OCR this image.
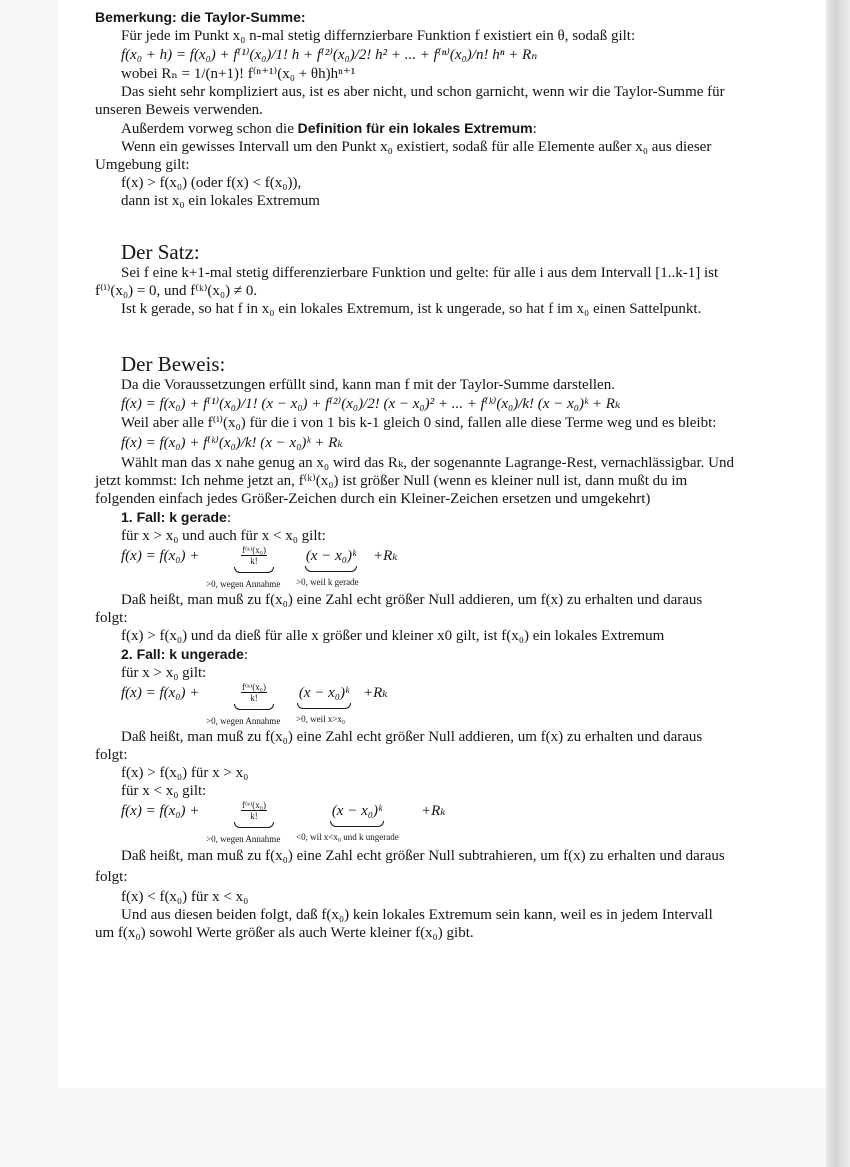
Bemerkung: die Taylor-Summe:

Für jede im Punkt x₀ n-mal stetig differnzierbare Funktion f existiert ein θ, sodaß gilt:

f(x₀ + h) = f(x₀) + f⁽¹⁾(x₀)/1! h + f⁽²⁾(x₀)/2! h² + ... + f⁽ⁿ⁾(x₀)/n! hⁿ + Rₙ

wobei Rₙ = 1/(n+1)! f⁽ⁿ⁺¹⁾(x₀ + θh)hⁿ⁺¹

Das sieht sehr kompliziert aus, ist es aber nicht, und schon garnicht, wenn wir die Taylor-Summe für unseren Beweis verwenden.

Außerdem vorweg schon die Definition für ein lokales Extremum:

Wenn ein gewisses Intervall um den Punkt x₀ existiert, sodaß für alle Elemente außer x₀ aus dieser Umgebung gilt:

f(x) > f(x₀) (oder f(x) < f(x₀)),

dann ist x₀ ein lokales Extremum

Der Satz:

Sei f eine k+1-mal stetig differenzierbare Funktion und gelte: für alle i aus dem Intervall [1..k-1] ist f⁽ⁱ⁾(x₀) = 0, und f⁽ᵏ⁾(x₀) ≠ 0.

Ist k gerade, so hat f in x₀ ein lokales Extremum, ist k ungerade, so hat f im x₀ einen Sattelpunkt.

Der Beweis:

Da die Voraussetzungen erfüllt sind, kann man f mit der Taylor-Summe darstellen.

f(x) = f(x₀) + f⁽¹⁾(x₀)/1! (x − x₀) + f⁽²⁾(x₀)/2! (x − x₀)² + ... + f⁽ᵏ⁾(x₀)/k! (x − x₀)ᵏ + Rₖ

Weil aber alle f⁽ⁱ⁾(x₀) für die i von 1 bis k-1 gleich 0 sind, fallen alle diese Terme weg und es bleibt:

f(x) = f(x₀) + f⁽ᵏ⁾(x₀)/k! (x − x₀)ᵏ + Rₖ

Wählt man das x nahe genug an x₀ wird das Rₖ, der sogenannte Lagrange-Rest, vernachlässigbar. Und jetzt kommst: Ich nehme jetzt an, f⁽ᵏ⁾(x₀) ist größer Null (wenn es kleiner null ist, dann mußt du im folgenden einfach jedes Größer-Zeichen durch ein Kleiner-Zeichen ersetzen und umgekehrt)

1. Fall: k gerade:

für x > x₀ und auch für x < x₀ gilt:

f(x) = f(x₀) +	$\frac{\text{f⁽ᵏ⁾(x₀)}}{k!}$	(x − x₀)ᵏ +Rₖ
>0, wegen Annahme >0, weil k gerade

Daß heißt, man muß zu f(x₀) eine Zahl echt größer Null addieren, um f(x) zu erhalten und daraus folgt:

f(x) > f(x₀) und da dieß für alle x größer und kleiner x0 gilt, ist f(x₀) ein lokales Extremum

2. Fall: k ungerade:

für x > x₀ gilt:

f(x) = f(x₀) +	$\frac{\text{f⁽ᵏ⁾(x₀)}}{k!} (x$ − x₀)ᵏ +Rₖ
>0, wegen Annahme >0, weil x>x₀

Daß heißt, man muß zu f(x₀) eine Zahl echt größer Null addieren, um f(x) zu erhalten und daraus folgt:

f(x) > f(x₀) für x > x₀

für x < x₀ gilt:

f(x) = f(x₀) +	$\frac{\text{f⁽ᵏ⁾(x₀)}}{k!}$	(x − x₀)ᵏ	+Rₖ
>0, wegen Annahme <0, wil x<x₀ und k ungerade

Daß heißt, man muß zu f(x₀) eine Zahl echt größer Null subtrahieren, um f(x) zu erhalten und daraus folgt:

f(x) < f(x₀) für x < x₀

Und aus diesen beiden folgt, daß f(x₀) kein lokales Extremum sein kann, weil es in jedem Intervall um f(x₀) sowohl Werte größer als auch Werte kleiner f(x₀) gibt.
